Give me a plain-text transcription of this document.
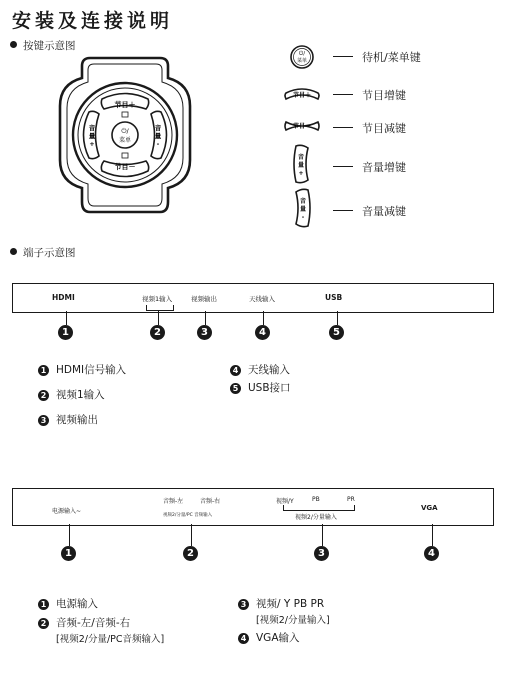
安装及连接说明
按键示意图
节目＋
节目－
音
量
+
音
量
-
⏻/
菜单
⏻/
菜单
节目＋
节目－
音
量
+
音
量
-
待机/菜单键
节目增键
节目减键
音量增键
音量减键
端子示意图
HDMI	视频1输入	视频输出	天线输入	USB
1	2	3	4	5
1 HDMI信号输入
2 视频1输入
3 视频输出
4 天线输入
5 USB接口
电源输入~
音频-左	音频-右
视频2/分量/PC 音频输入
视频/Y	PB	PR
视频2/分量输入
VGA
1	2	3	4
1 电源输入
2 音频-左/音频-右
[视频2/分量/PC音频输入]
3 视频/ Y PB PR
[视频2/分量输入]
4 VGA输入
